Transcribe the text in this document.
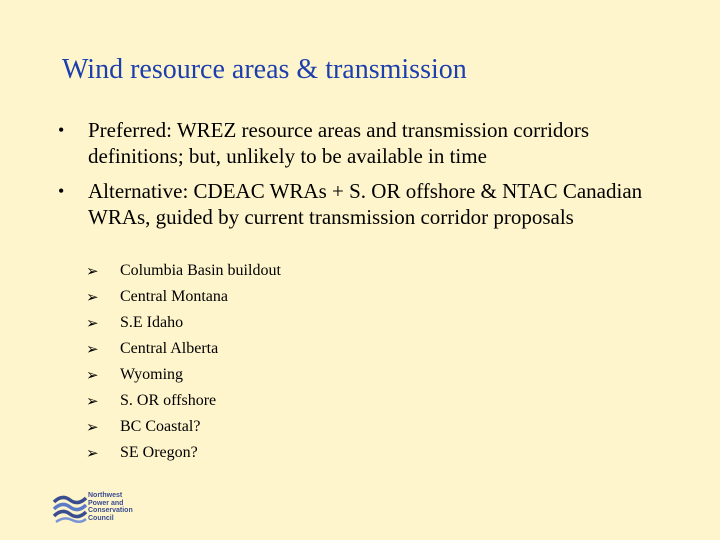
Wind resource areas & transmission
• Preferred: WREZ resource areas and transmission corridors definitions; but, unlikely to be available in time
• Alternative: CDEAC WRAs + S. OR offshore & NTAC Canadian WRAs, guided by current transmission corridor proposals
➢ Columbia Basin buildout
➢ Central Montana
➢ S.E Idaho
➢ Central Alberta
➢ Wyoming
➢ S. OR offshore
➢ BC Coastal?
➢ SE Oregon?
Northwest
Power and
Conservation
Council
